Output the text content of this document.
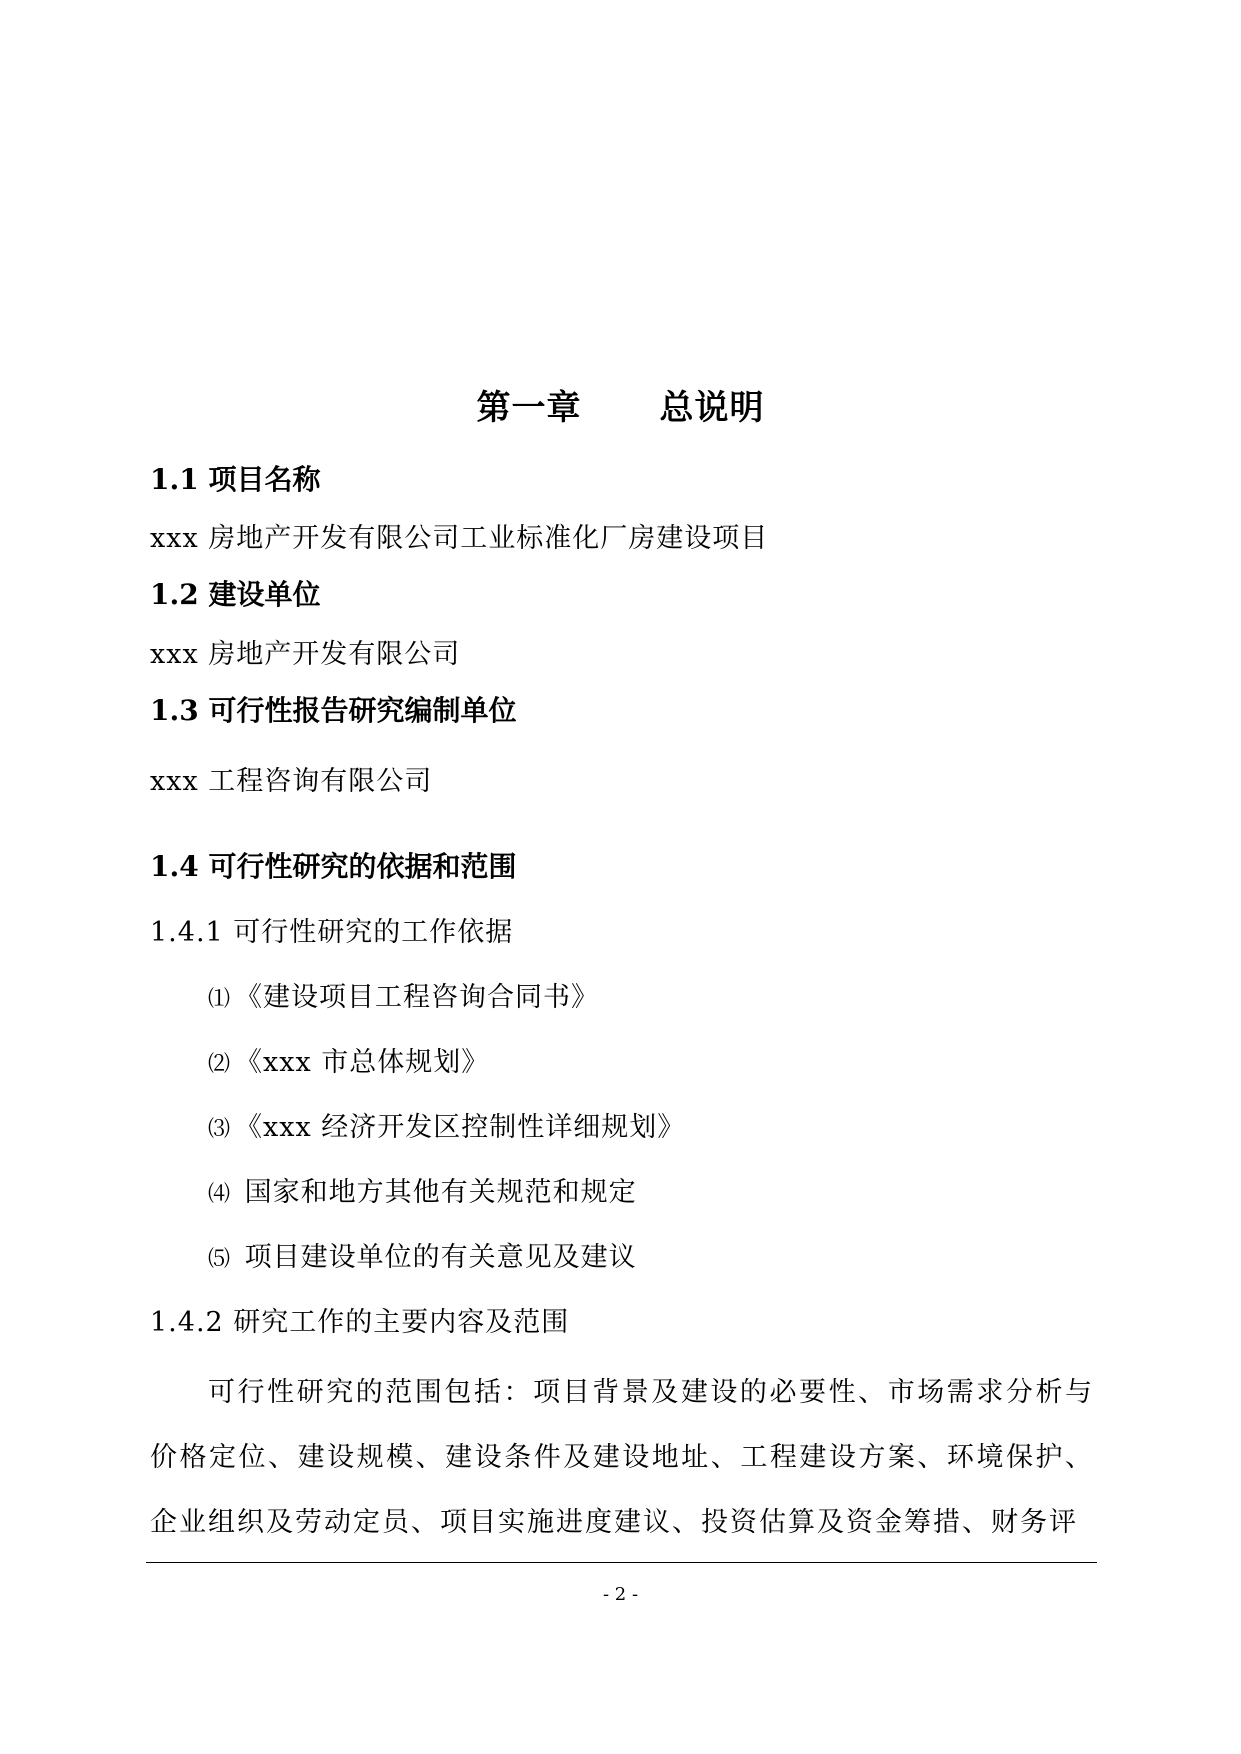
第一章 总说明
1.1 项目名称
xxx 房地产开发有限公司工业标准化厂房建设项目
1.2 建设单位
xxx 房地产开发有限公司
1.3 可行性报告研究编制单位
xxx 工程咨询有限公司
1.4 可行性研究的依据和范围
1.4.1 可行性研究的工作依据
⑴ 《建设项目工程咨询合同书》
⑵ 《xxx 市总体规划》
⑶ 《xxx 经济开发区控制性详细规划》
⑷ 国家和地方其他有关规范和规定
⑸ 项目建设单位的有关意见及建议
1.4.2 研究工作的主要内容及范围
可行性研究的范围包括：项目背景及建设的必要性、市场需求分析与价格定位、建设规模、建设条件及建设地址、工程建设方案、环境保护、企业组织及劳动定员、项目实施进度建议、投资估算及资金筹措、财务评
- 2 -
